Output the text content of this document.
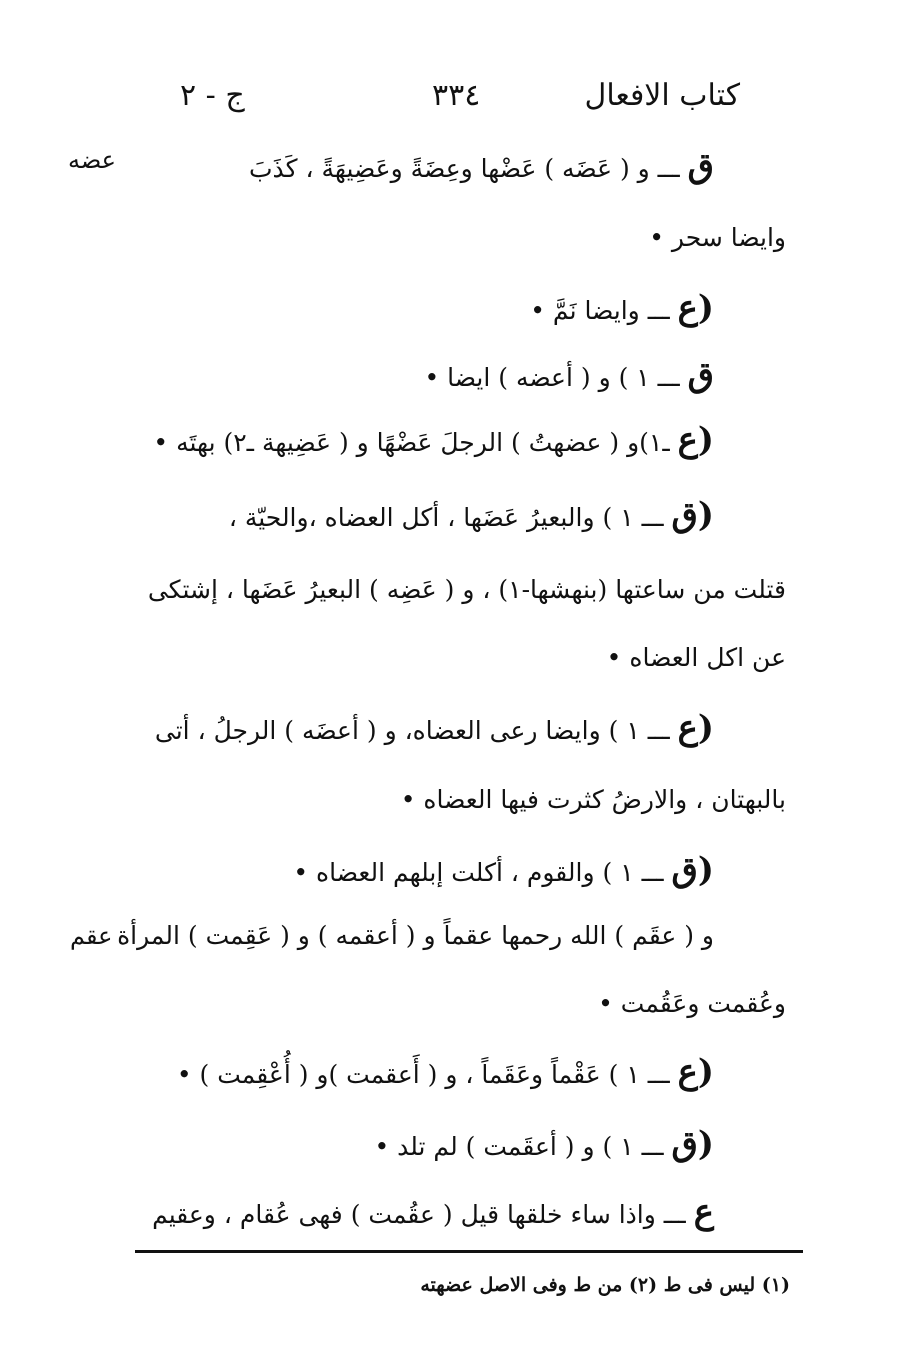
كتاب الافعال
٣٣٤
ج - ٢
عضه
عقم
ق ـــ و ( عَضَه ) عَضْها وعِضَةً وعَضِيهَةً ، كَذَبَ
وايضا سحر •
(ع ـــ وايضا نَمَّ •
ق ـــ ١ ) و ( أعضه ) ايضا •
(ع ـ١)و ( عضهتُ ) الرجلَ عَضْهًا و ( عَضِيهة ـ٢) بهتَه •
(ق ـــ ١ ) والبعيرُ عَضَها ، أكل العضاه ،والحيّة ،
قتلت من ساعتها (بنهشها-١) ، و ( عَضِه ) البعيرُ عَضَها ، إشتكى
عن اكل العضاه •
(ع ـــ ١ ) وايضا رعى العضاه، و ( أعضَه ) الرجلُ ، أتى
بالبهتان ، والارضُ كثرت فيها العضاه •
(ق ـــ ١ ) والقوم ، أكلت إبلهم العضاه •
و ( عقَم ) الله رحمها عقماً و ( أعقمه ) و ( عَقِمت ) المرأة
وعُقمت وعَقُمت •
(ع ـــ ١ ) عَقْماً وعَقَماً ، و ( أَعقمت )و ( أُعْقِمت ) •
(ق ـــ ١ ) و ( أعقَمت ) لم تلد •
ع ـــ واذا ساء خلقها قيل ( عقُمت ) فهى عُقام ، وعقيم
(١) ليس فى ط (٢) من ط وفى الاصل عضهته
